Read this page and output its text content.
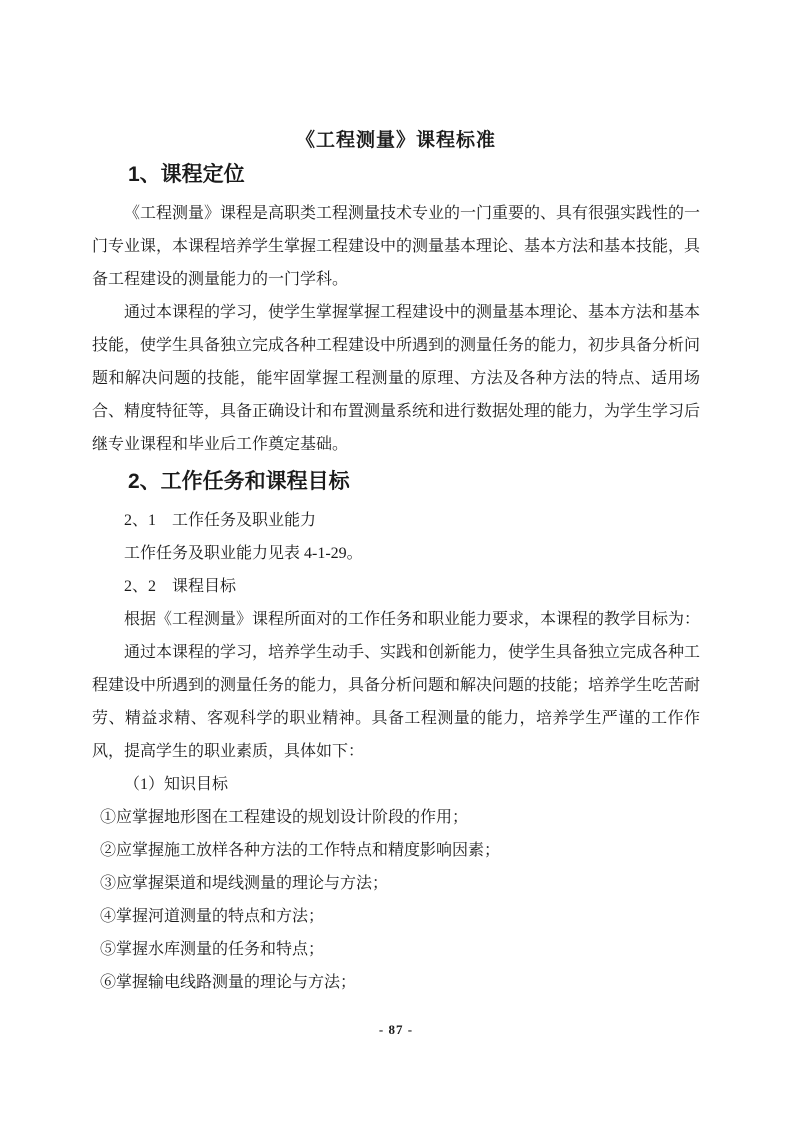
《工程测量》课程标准
1、课程定位

《工程测量》课程是高职类工程测量技术专业的一门重要的、具有很强实践性的一门专业课，本课程培养学生掌握工程建设中的测量基本理论、基本方法和基本技能，具备工程建设的测量能力的一门学科。

通过本课程的学习，使学生掌握掌握工程建设中的测量基本理论、基本方法和基本技能，使学生具备独立完成各种工程建设中所遇到的测量任务的能力，初步具备分析问题和解决问题的技能，能牢固掌握工程测量的原理、方法及各种方法的特点、适用场合、精度特征等，具备正确设计和布置测量系统和进行数据处理的能力，为学生学习后继专业课程和毕业后工作奠定基础。

2、工作任务和课程目标
2、1　工作任务及职业能力
工作任务及职业能力见表 4-1-29。
2、2　课程目标

根据《工程测量》课程所面对的工作任务和职业能力要求，本课程的教学目标为：

通过本课程的学习，培养学生动手、实践和创新能力，使学生具备独立完成各种工程建设中所遇到的测量任务的能力，具备分析问题和解决问题的技能；培养学生吃苦耐劳、精益求精、客观科学的职业精神。具备工程测量的能力，培养学生严谨的工作作风，提高学生的职业素质，具体如下：

（1）知识目标
①应掌握地形图在工程建设的规划设计阶段的作用；
②应掌握施工放样各种方法的工作特点和精度影响因素；
③应掌握渠道和堤线测量的理论与方法；
④掌握河道测量的特点和方法；
⑤掌握水库测量的任务和特点；
⑥掌握输电线路测量的理论与方法；
- 87 -
